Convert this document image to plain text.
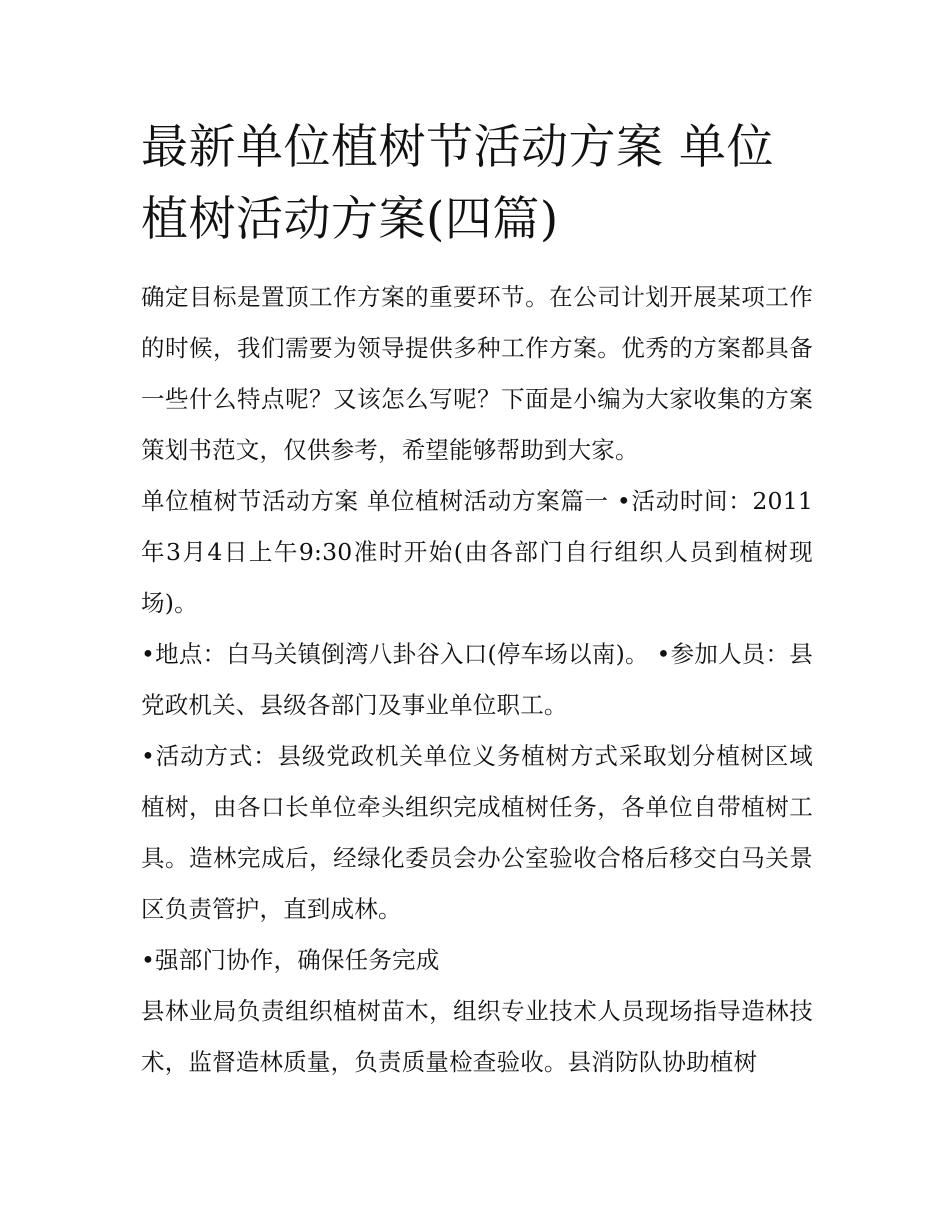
最新单位植树节活动方案 单位植树活动方案(四篇)

确定目标是置顶工作方案的重要环节。在公司计划开展某项工作的时候，我们需要为领导提供多种工作方案。优秀的方案都具备一些什么特点呢？又该怎么写呢？下面是小编为大家收集的方案策划书范文，仅供参考，希望能够帮助到大家。

单位植树节活动方案 单位植树活动方案篇一 •活动时间：2011年3月4日上午9:30准时开始(由各部门自行组织人员到植树现场)。

•地点：白马关镇倒湾八卦谷入口(停车场以南)。 •参加人员：县党政机关、县级各部门及事业单位职工。

•活动方式：县级党政机关单位义务植树方式采取划分植树区域植树，由各口长单位牵头组织完成植树任务，各单位自带植树工具。造林完成后，经绿化委员会办公室验收合格后移交白马关景区负责管护，直到成林。

•强部门协作，确保任务完成

县林业局负责组织植树苗木，组织专业技术人员现场指导造林技术，监督造林质量，负责质量检查验收。县消防队协助植树
